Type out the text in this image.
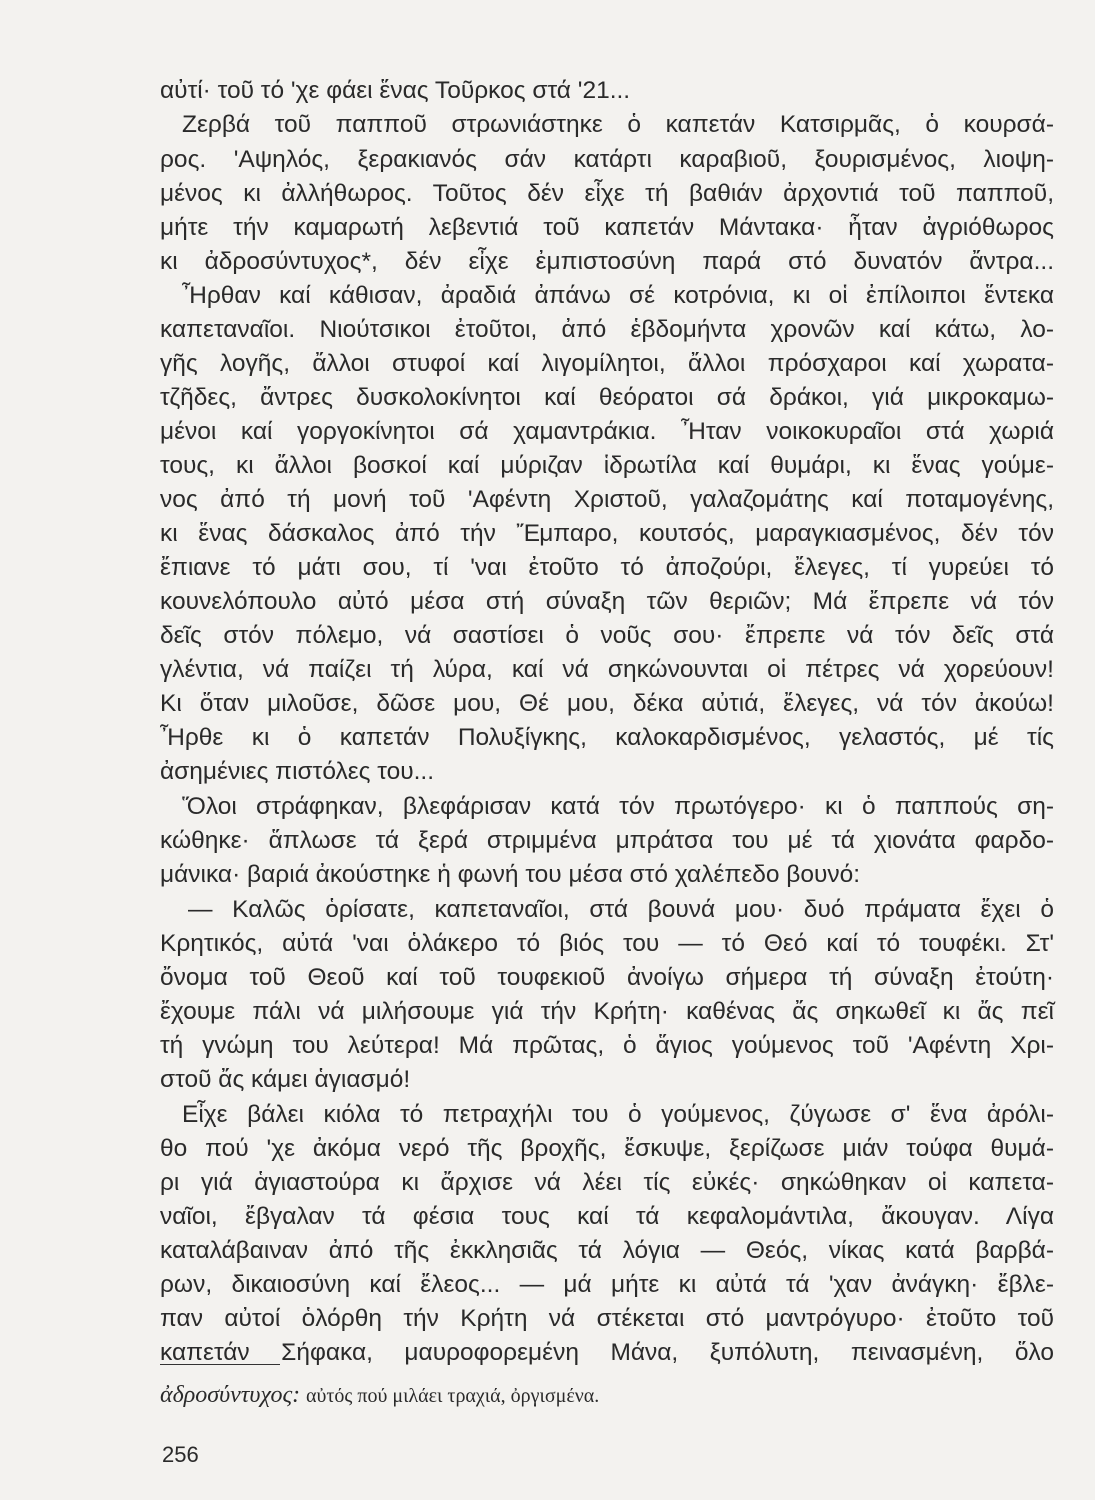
αὐτί· τοῦ τό 'χε φάει ἕνας Τοῦρκος στά '21...
Ζερβά τοῦ παπποῦ στρωνιάστηκε ὁ καπετάν Κατσιρμᾶς, ὁ κουρσά-
ρος. 'Αψηλός, ξερακιανός σάν κατάρτι καραβιοῦ, ξουρισμένος, λιοψη-
μένος κι ἀλλήθωρος. Τοῦτος δέν εἶχε τή βαθιάν ἀρχοντιά τοῦ παπποῦ,
μήτε τήν καμαρωτή λεβεντιά τοῦ καπετάν Μάντακα· ἦταν ἀγριόθωρος
κι ἀδροσύντυχος*, δέν εἶχε ἐμπιστοσύνη παρά στό δυνατόν ἄντρα...
Ἦρθαν καί κάθισαν, ἀραδιά ἀπάνω σέ κοτρόνια, κι οἱ ἐπίλοιποι ἕντεκα
καπεταναῖοι. Νιούτσικοι ἐτοῦτοι, ἀπό ἑβδομήντα χρονῶν καί κάτω, λο-
γῆς λογῆς, ἄλλοι στυφοί καί λιγομίλητοι, ἄλλοι πρόσχαροι καί χωρατα-
τζῆδες, ἄντρες δυσκολοκίνητοι καί θεόρατοι σά δράκοι, γιά μικροκαμω-
μένοι καί γοργοκίνητοι σά χαμαντράκια. Ἦταν νοικοκυραῖοι στά χωριά
τους, κι ἄλλοι βοσκοί καί μύριζαν ἱδρωτίλα καί θυμάρι, κι ἕνας γούμε-
νος ἀπό τή μονή τοῦ 'Αφέντη Χριστοῦ, γαλαζομάτης καί ποταμογένης,
κι ἕνας δάσκαλος ἀπό τήν Ἔμπαρο, κουτσός, μαραγκιασμένος, δέν τόν
ἔπιανε τό μάτι σου, τί 'ναι ἐτοῦτο τό ἀποζούρι, ἔλεγες, τί γυρεύει τό
κουνελόπουλο αὐτό μέσα στή σύναξη τῶν θεριῶν; Μά ἔπρεπε νά τόν
δεῖς στόν πόλεμο, νά σαστίσει ὁ νοῦς σου· ἔπρεπε νά τόν δεῖς στά
γλέντια, νά παίζει τή λύρα, καί νά σηκώνουνται οἱ πέτρες νά χορεύουν!
Κι ὅταν μιλοῦσε, δῶσε μου, Θέ μου, δέκα αὐτιά, ἔλεγες, νά τόν ἀκούω!
Ἦρθε κι ὁ καπετάν Πολυξίγκης, καλοκαρδισμένος, γελαστός, μέ τίς
ἀσημένιες πιστόλες του...
Ὅλοι στράφηκαν, βλεφάρισαν κατά τόν πρωτόγερο· κι ὁ παππούς ση-
κώθηκε· ἅπλωσε τά ξερά στριμμένα μπράτσα του μέ τά χιονάτα φαρδο-
μάνικα· βαριά ἀκούστηκε ἡ φωνή του μέσα στό χαλέπεδο βουνό:
— Καλῶς ὁρίσατε, καπεταναῖοι, στά βουνά μου· δυό πράματα ἔχει ὁ
Κρητικός, αὐτά 'ναι ὁλάκερο τό βιός του — τό Θεό καί τό τουφέκι. Στ'
ὄνομα τοῦ Θεοῦ καί τοῦ τουφεκιοῦ ἀνοίγω σήμερα τή σύναξη ἐτούτη·
ἔχουμε πάλι νά μιλήσουμε γιά τήν Κρήτη· καθένας ἄς σηκωθεῖ κι ἄς πεῖ
τή γνώμη του λεύτερα! Μά πρῶτας, ὁ ἅγιος γούμενος τοῦ 'Αφέντη Χρι-
στοῦ ἄς κάμει ἁγιασμό!
Εἶχε βάλει κιόλα τό πετραχήλι του ὁ γούμενος, ζύγωσε σ' ἕνα ἀρόλι-
θο πού 'χε ἀκόμα νερό τῆς βροχῆς, ἔσκυψε, ξερίζωσε μιάν τούφα θυμά-
ρι γιά ἁγιαστούρα κι ἄρχισε νά λέει τίς εὐκές· σηκώθηκαν οἱ καπετα-
ναῖοι, ἔβγαλαν τά φέσια τους καί τά κεφαλομάντιλα, ἄκουγαν. Λίγα
καταλάβαιναν ἀπό τῆς ἐκκλησιᾶς τά λόγια — Θεός, νίκας κατά βαρβά-
ρων, δικαιοσύνη καί ἔλεος... — μά μήτε κι αὐτά τά 'χαν ἀνάγκη· ἔβλε-
παν αὐτοί ὁλόρθη τήν Κρήτη νά στέκεται στό μαντρόγυρο· ἐτοῦτο τοῦ
καπετάν Σήφακα, μαυροφορεμένη Μάνα, ξυπόλυτη, πεινασμένη, ὅλο
ἀδροσύντυχος: αὐτός πού μιλάει τραχιά, ὀργισμένα.
256
